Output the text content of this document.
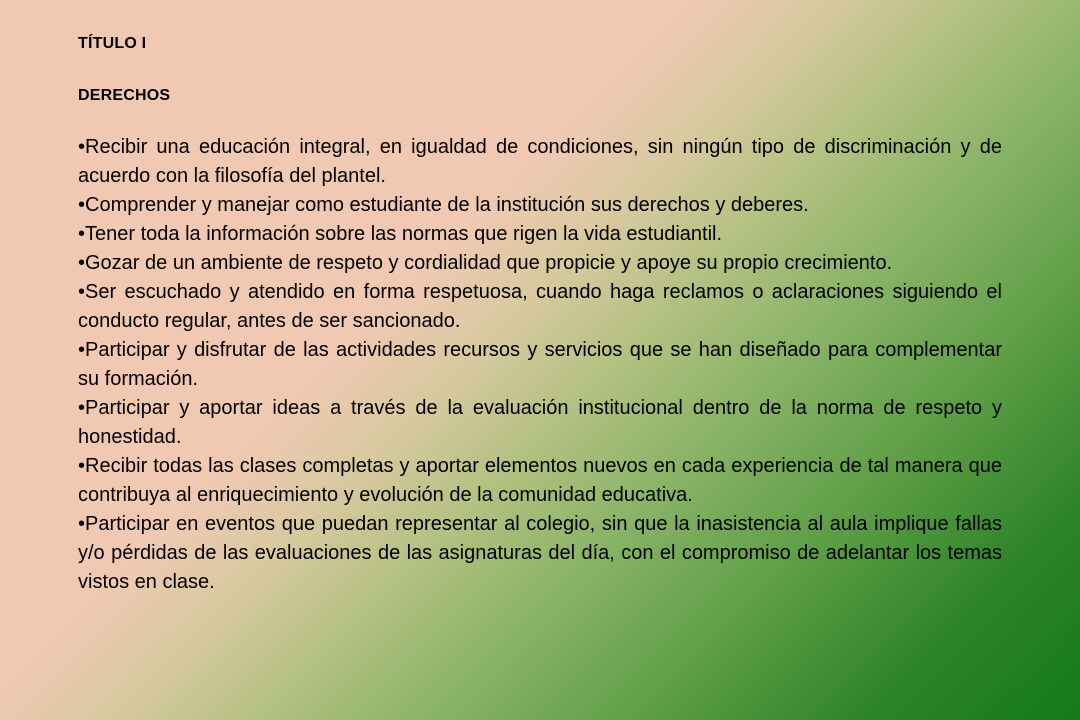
TÍTULO I
DERECHOS
•Recibir una educación integral, en igualdad de condiciones, sin ningún tipo de discriminación y de acuerdo con la filosofía del plantel.
•Comprender y manejar como estudiante de la institución sus derechos y deberes.
•Tener toda la información sobre las normas que rigen la vida estudiantil.
•Gozar de un ambiente de respeto y cordialidad que propicie y apoye su propio crecimiento.
•Ser escuchado y atendido en forma respetuosa, cuando haga reclamos o aclaraciones siguiendo el conducto regular, antes de ser sancionado.
•Participar y disfrutar de las actividades recursos y servicios que se han diseñado para complementar su formación.
•Participar y aportar ideas a través de la evaluación institucional dentro de la norma de respeto y honestidad.
•Recibir todas las clases completas y aportar elementos nuevos en cada experiencia de tal manera que contribuya al enriquecimiento y evolución de la comunidad educativa.
•Participar en eventos que puedan representar al colegio, sin que la inasistencia al aula implique fallas y/o pérdidas de las evaluaciones de las asignaturas del día, con el compromiso de adelantar los temas vistos en clase.
